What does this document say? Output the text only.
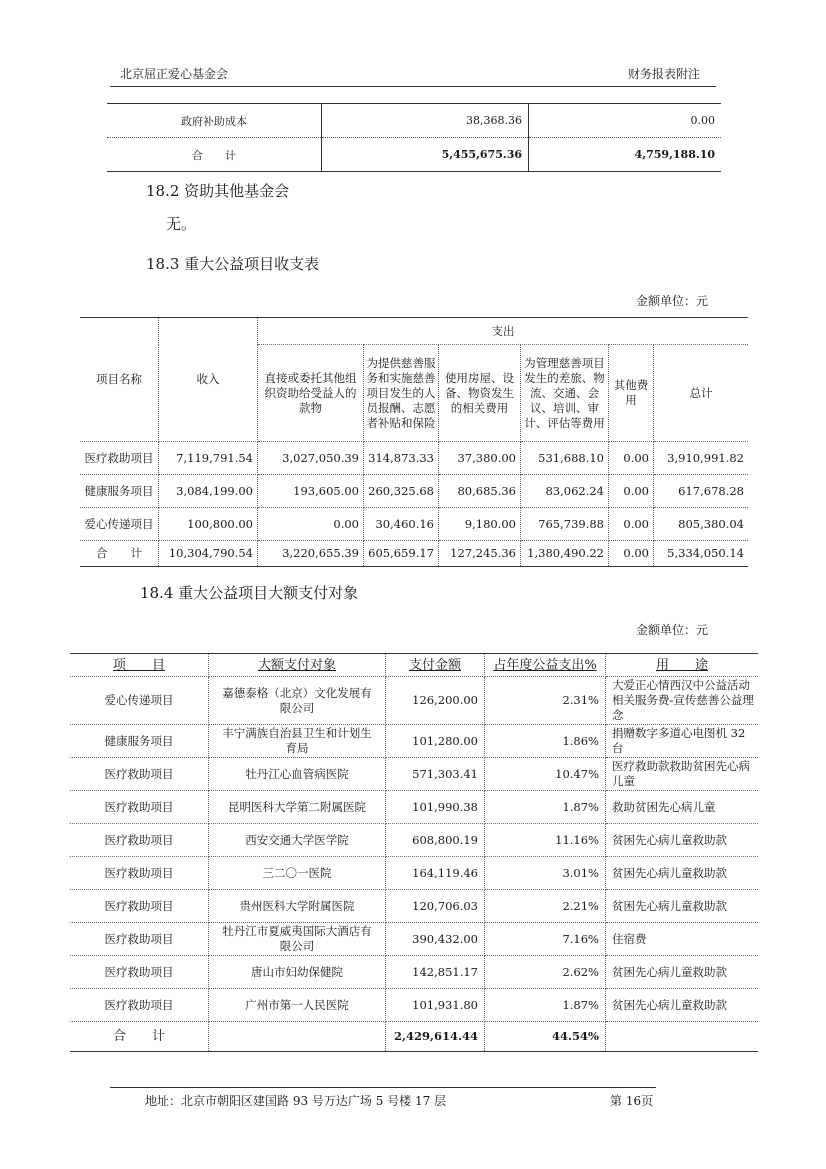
北京屈正爱心基金会	财务报表附注
政府补助成本	38,368.36	0.00
合　　计	5,455,675.36	4,759,188.10
18.2 资助其他基金会
无。
18.3 重大公益项目收支表
金额单位：元
项目名称	收入	支出					
		直接或委托其他组织资助给受益人的款物	为提供慈善服务和实施慈善项目发生的人员报酬、志愿者补贴和保险	使用房屋、设备、物资发生的相关费用	为管理慈善项目发生的差旅、物流、交通、会议、培训、审计、评估等费用	其他费用	总计
医疗救助项目	7,119,791.54	3,027,050.39	314,873.33	37,380.00	531,688.10	0.00	3,910,991.82
健康服务项目	3,084,199.00	193,605.00	260,325.68	80,685.36	83,062.24	0.00	617,678.28
爱心传递项目	100,800.00	0.00	30,460.16	9,180.00	765,739.88	0.00	805,380.04
合　　计	10,304,790.54	3,220,655.39	605,659.17	127,245.36	1,380,490.22	0.00	5,334,050.14
18.4 重大公益项目大额支付对象
金额单位：元
项　　目	大额支付对象	支付金额	占年度公益支出%	用　　途
爱心传递项目	嘉德泰格（北京）文化发展有限公司	126,200.00	2.31%	大爱正心情西汉中公益活动相关服务费-宣传慈善公益理念
健康服务项目	丰宁满族自治县卫生和计划生育局	101,280.00	1.86%	捐赠数字多道心电图机 32 台
医疗救助项目	牡丹江心血管病医院	571,303.41	10.47%	医疗救助款救助贫困先心病儿童
医疗救助项目	昆明医科大学第二附属医院	101,990.38	1.87%	救助贫困先心病儿童
医疗救助项目	西安交通大学医学院	608,800.19	11.16%	贫困先心病儿童救助款
医疗救助项目	三二〇一医院	164,119.46	3.01%	贫困先心病儿童救助款
医疗救助项目	贵州医科大学附属医院	120,706.03	2.21%	贫困先心病儿童救助款
医疗救助项目	牡丹江市夏威夷国际大酒店有限公司	390,432.00	7.16%	住宿费
医疗救助项目	唐山市妇幼保健院	142,851.17	2.62%	贫困先心病儿童救助款
医疗救助项目	广州市第一人民医院	101,931.80	1.87%	贫困先心病儿童救助款
合　　计		2,429,614.44	44.54%	
地址：北京市朝阳区建国路 93 号万达广场 5 号楼 17 层	第 16页
